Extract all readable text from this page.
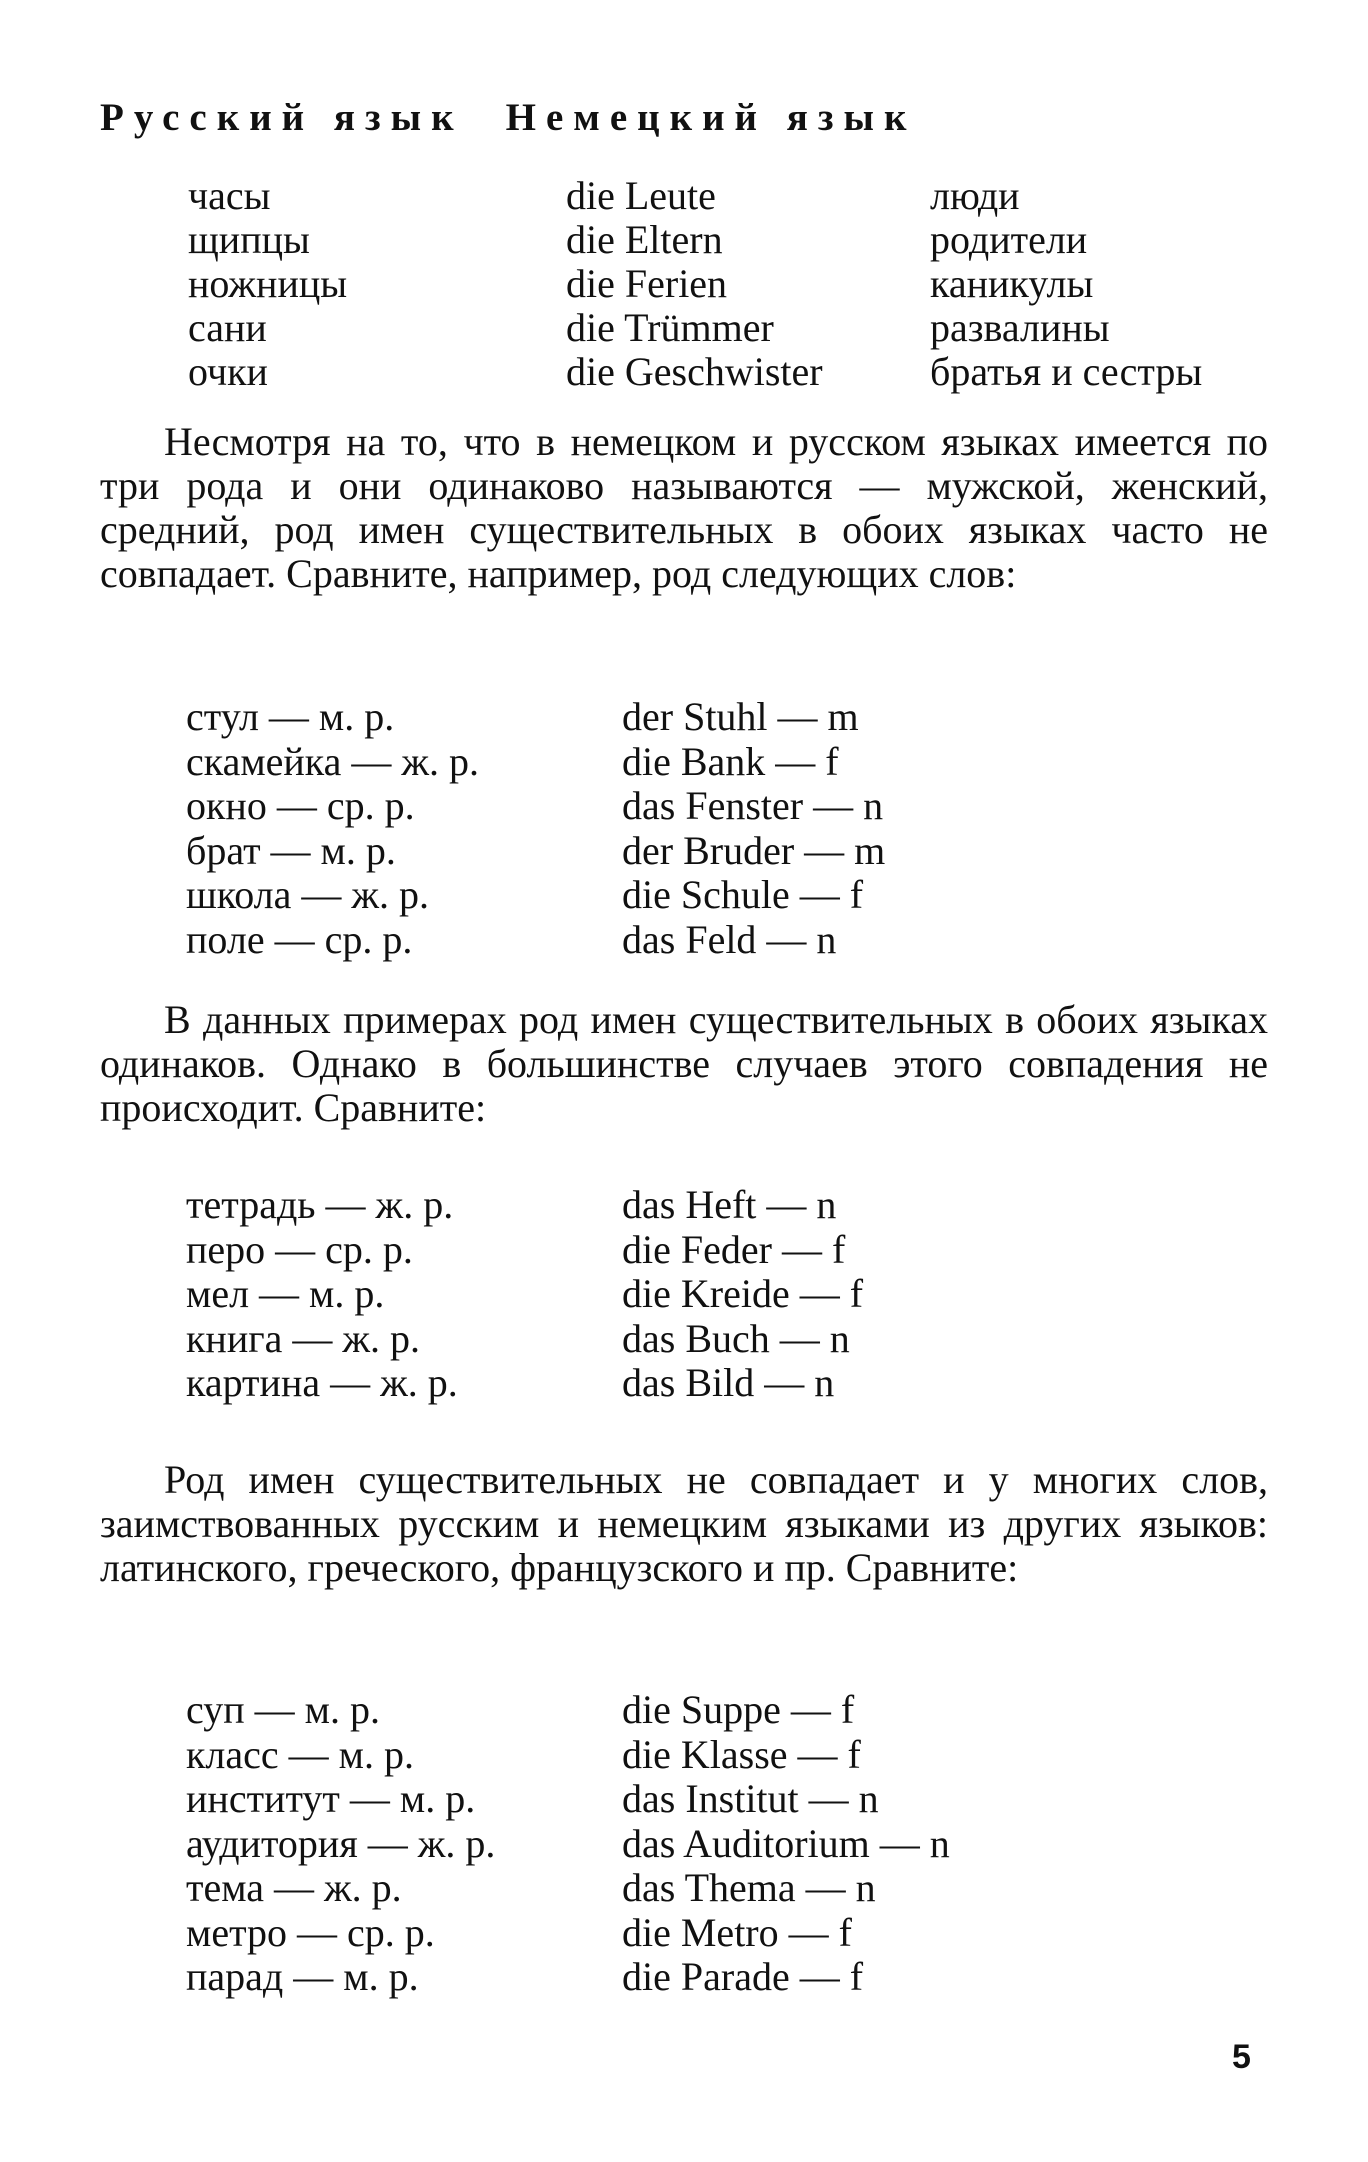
Русский язык Немецкий язык
часы	die Leute	люди
щипцы	die Eltern	родители
ножницы	die Ferien	каникулы
сани	die Trümmer	развалины
очки	die Geschwister	братья и сестры

Несмотря на то, что в немецком и русском языках имеется по три рода и они одинаково называются — мужской, женский, средний, род имен существительных в обоих языках часто не совпадает. Сравните, например, род следующих слов:

стул — м. р.	der Stuhl — m
скамейка — ж. р.	die Bank — f
окно — ср. р.	das Fenster — n
брат — м. р.	der Bruder — m
школа — ж. р.	die Schule — f
поле — ср. р.	das Feld — n

В данных примерах род имен существительных в обоих языках одинаков. Однако в большинстве случаев этого совпадения не происходит. Сравните:

тетрадь — ж. р.	das Heft — n
перо — ср. р.	die Feder — f
мел — м. р.	die Kreide — f
книга — ж. р.	das Buch — n
картина — ж. р.	das Bild — n

Род имен существительных не совпадает и у многих слов, заимствованных русским и немецким языками из других языков: латинского, греческого, французского и пр. Сравните:

суп — м. р.	die Suppe — f
класс — м. р.	die Klasse — f
институт — м. р.	das Institut — n
аудитория — ж. р.	das Auditorium — n
тема — ж. р.	das Thema — n
метро — ср. р.	die Metro — f
парад — м. р.	die Parade — f
5
